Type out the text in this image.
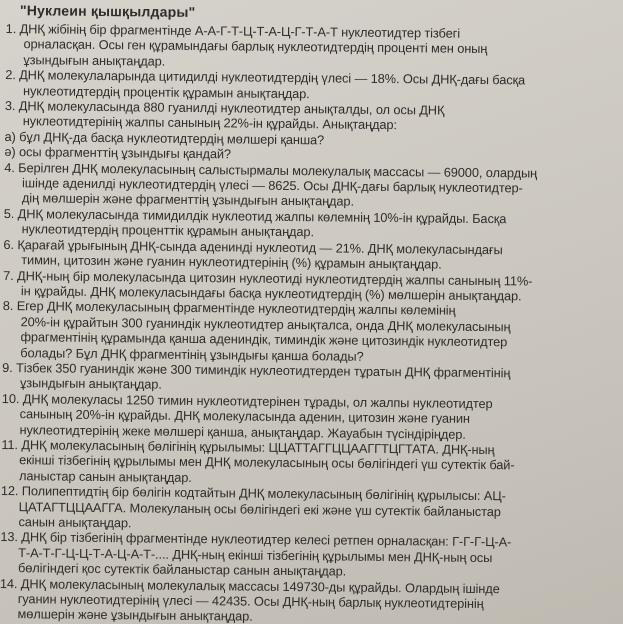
"Нуклеин қышқылдары"
1. ДНҚ жібінің бір фрагментінде А-А-Г-Т-Ц-Т-А-Ц-Г-Т-А-Т нуклеотидтер тізбегі
орналасқан. Осы ген құрамындағы барлық нуклеотидтердің проценті мен оның
ұзындығын анықтаңдар.
2. ДНҚ молекулаларында цитидилді нуклеотидтердің үлесі — 18%. Осы ДНҚ-дағы басқа
нуклеотидтердің процентік құрамын анықтаңдар.
3. ДНҚ молекуласында 880 гуанилді нуклеотидтер анықталды, ол осы ДНҚ
нуклеотидтерінің жалпы санының 22%-ін құрайды. Анықтаңдар:
а) бұл ДНҚ-да басқа нуклеотидтердің мөлшері қанша?
ә) осы фрагменттің ұзындығы қандай?
4. Берілген ДНҚ молекуласының салыстырмалы молекулалық массасы — 69000, олардың
ішінде аденилді нуклеотидтердің үлесі — 8625. Осы ДНҚ-дағы барлық нуклеотидтер-
дің мөлшерін және фрагменттің ұзындығын анықтаңдар.
5. ДНҚ молекуласында тимидилдік нуклеотид жалпы көлемнің 10%-ін құрайды. Басқа
нуклеотидтердің проценттік құрамын анықтаңдар.
6. Қарағай ұрығының ДНҚ-сында аденинді нуклеотид — 21%. ДНҚ молекуласындағы
тимин, цитозин және гуанин нуклеотидтерінің (%) құрамын анықтаңдар.
7. ДНҚ-ның бір молекуласында цитозин нуклеотиді нуклеотидтердің жалпы санының 11%-
ін құрайды. ДНҚ молекуласындағы басқа нуклеотидтердің (%) мөлшерін анықтаңдар.
8. Егер ДНҚ молекуласының фрагментінде нуклеотидтердің жалпы көлемінің
20%-ін құрайтын 300 гуаниндік нуклеотидтер анықталса, онда ДНҚ молекуласының
фрагментінің құрамында қанша адениндік, тиминдік және цитозиндік нуклеотидтер
болады? Бұл ДНҚ фрагментінің ұзындығы қанша болады?
9. Тізбек 350 гуаниндік және 300 тиминдік нуклеотидтерден тұратын ДНҚ фрагментінің
ұзындығын анықтаңдар.
10. ДНҚ молекуласы 1250 тимин нуклеотидтерінен тұрады, ол жалпы нуклеотидтер
санының 20%-ін құрайды. ДНҚ молекуласында аденин, цитозин және гуанин
нуклеотидтерінің жеке мөлшері қанша, анықтаңдар. Жауабын түсіндіріңдер.
11. ДНҚ молекуласының бөлігінің құрылымы: ЦЦАТТАГГЦЦААГГТЦГТАТА. ДНҚ-ның
екінші тізбегінің құрылымы мен ДНҚ молекуласының осы бөлігіндегі үш сутектік бай-
ланыстар санын анықтаңдар.
12. Полипептидтің бір бөлігін кодтайтын ДНҚ молекуласының бөлігінің құрылысы: АЦ-
ЦАТАГТЦЦААГГА. Молекуланың осы бөлігіндегі екі және үш сутектік байланыстар
санын анықтаңдар.
13. ДНҚ бір тізбегінің фрагментінде нуклеотидтер келесі ретпен орналасқан: Г-Г-Г-Ц-А-
Т-А-Т-Г-Ц-Ц-Т-А-Ц-А-Т-.... ДНҚ-ның екінші тізбегінің құрылымы мен ДНҚ-ның осы
бөлігіндегі қос сутектік байланыстар санын анықтаңдар.
14. ДНҚ молекуласының молекулалық массасы 149730-ды құрайды. Олардың ішінде
гуанин нуклеотидтерінің үлесі — 42435. Осы ДНҚ-ның барлық нуклеотидтерінің
мөлшерін және ұзындығын анықтаңдар.
